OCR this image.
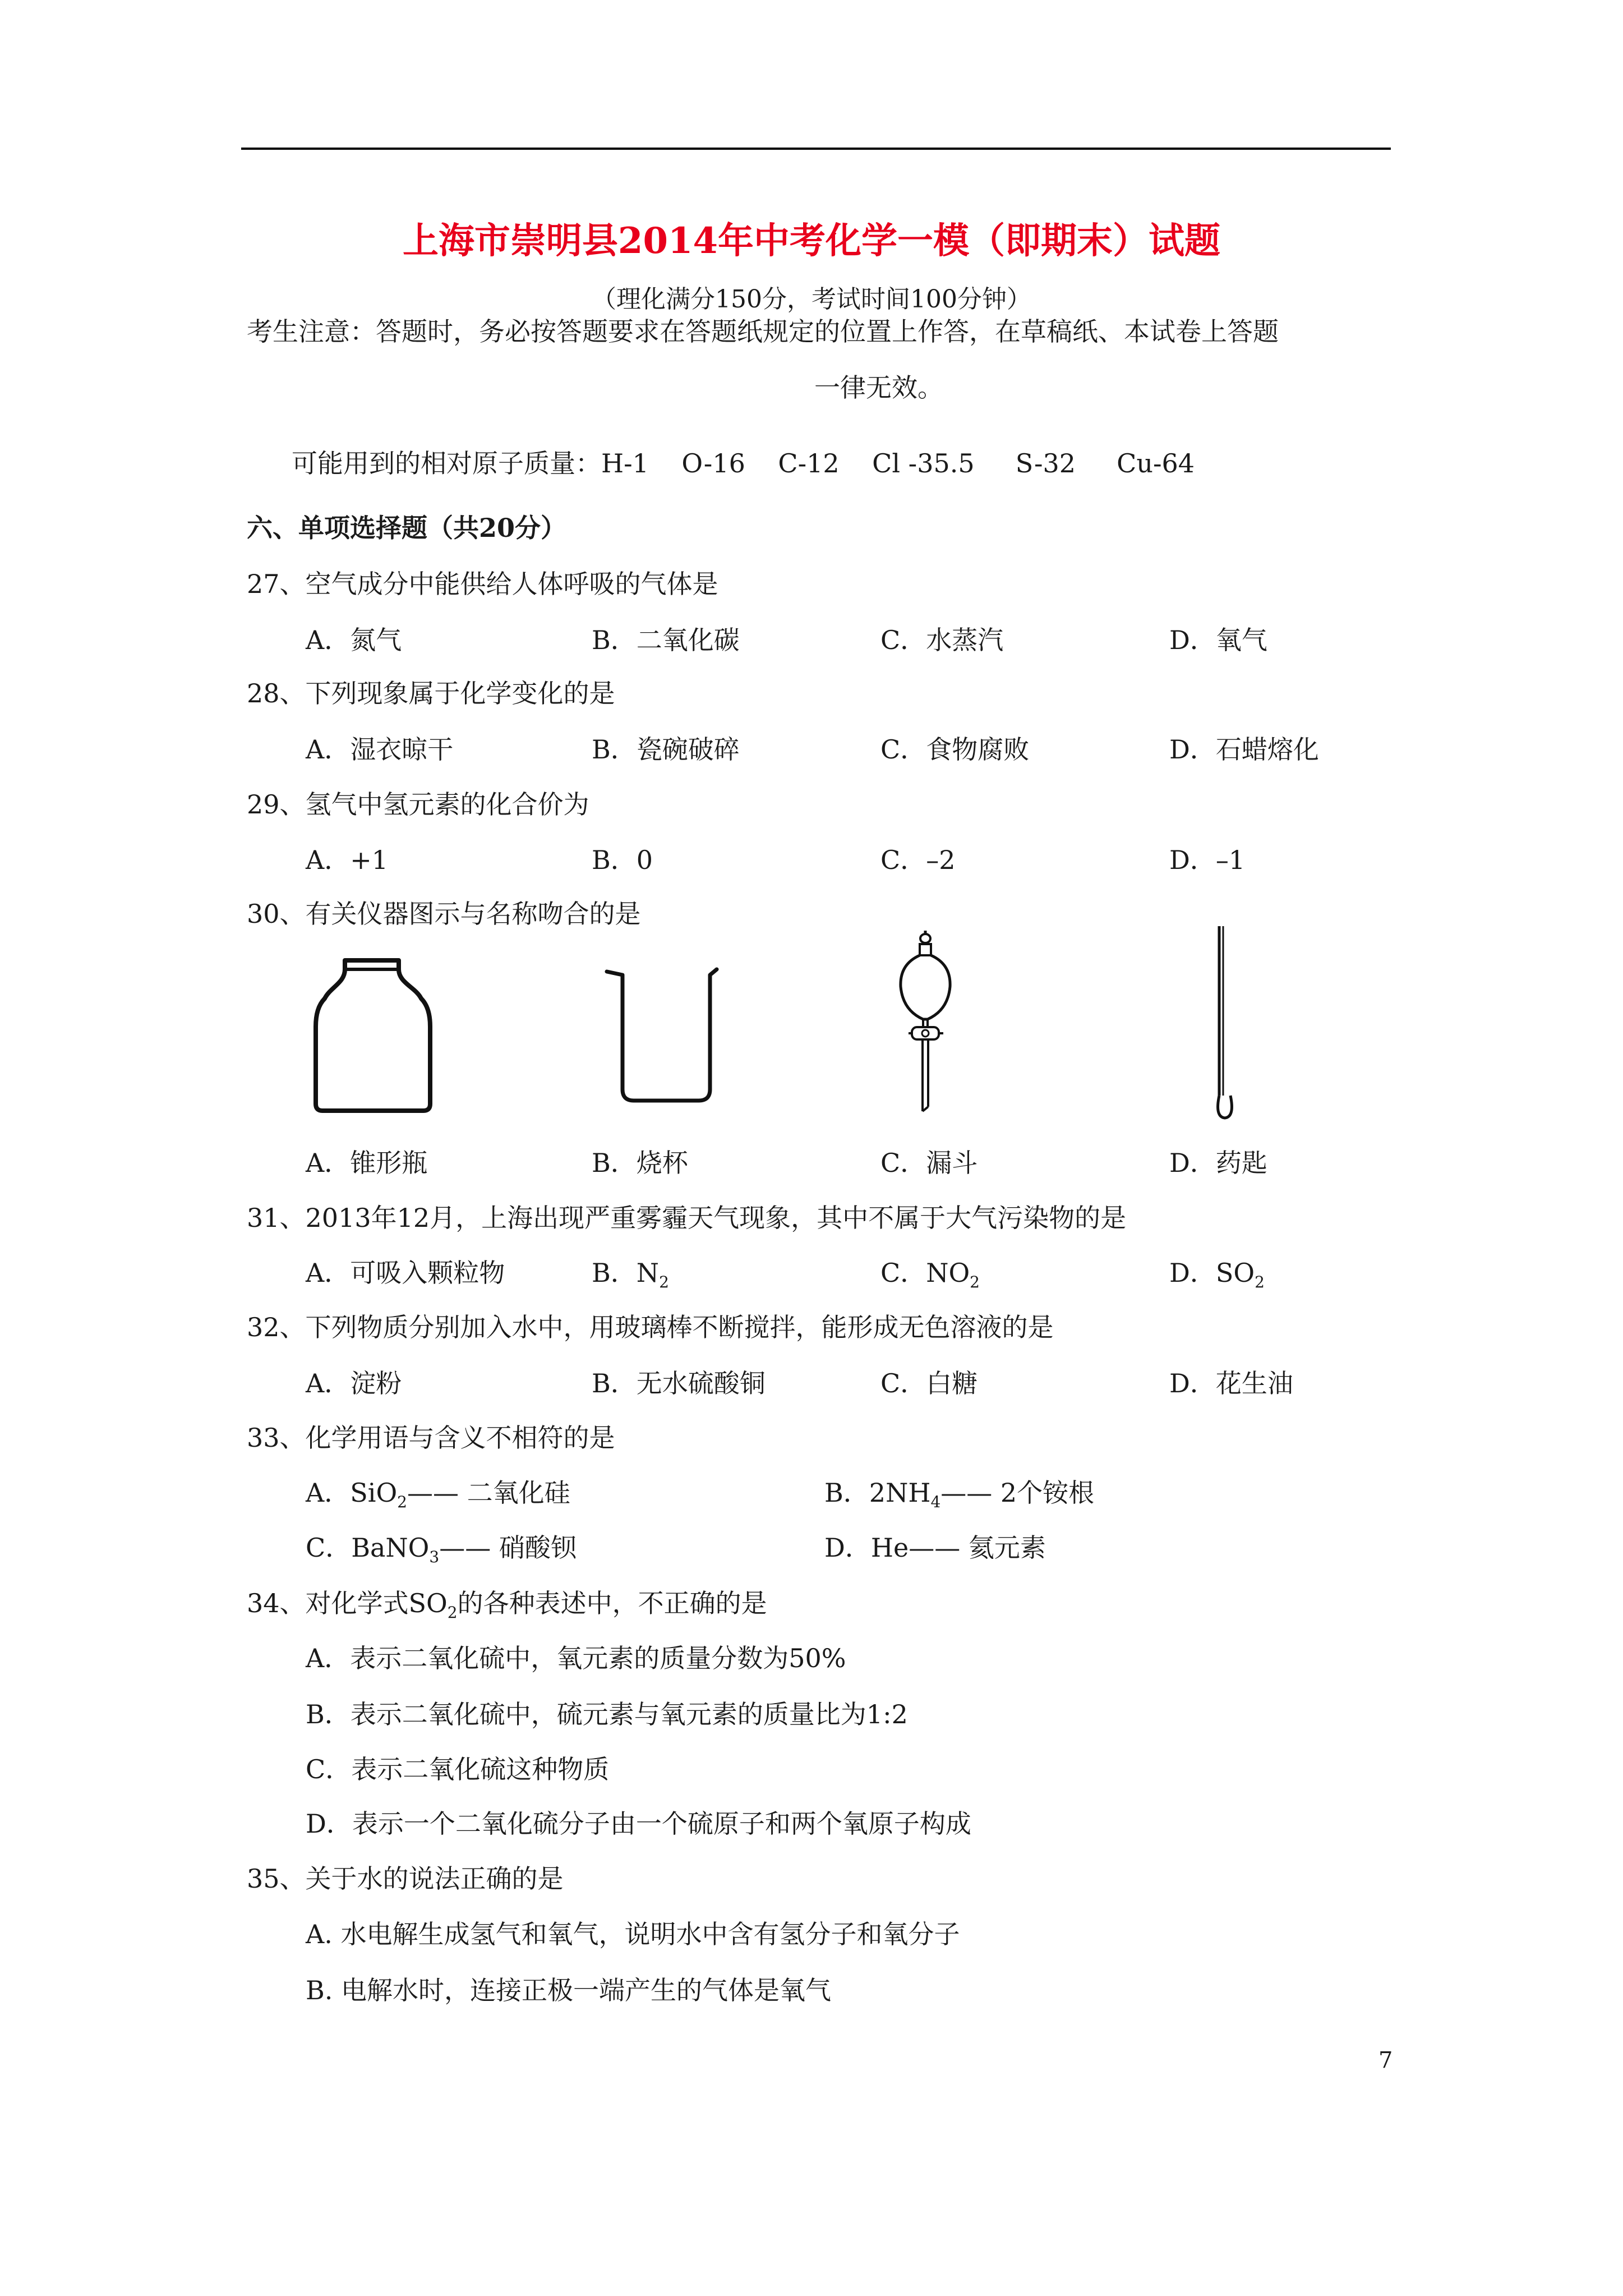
上海市崇明县2014年中考化学一模（即期末）试题
（理化满分150分，考试时间100分钟）
考生注意：答题时，务必按答题要求在答题纸规定的位置上作答，在草稿纸、本试卷上答题
一律无效。
可能用到的相对原子质量：H-1    O-16    C-12    Cl -35.5     S-32     Cu-64
六、单项选择题（共20分）
27、空气成分中能供给人体呼吸的气体是
A．氮气	B．二氧化碳	C．水蒸汽	D．氧气
28、下列现象属于化学变化的是
A．湿衣晾干	B．瓷碗破碎	C．食物腐败	D．石蜡熔化
29、氢气中氢元素的化合价为
A．+1	B．0	C．–2	D．–1
30、有关仪器图示与名称吻合的是
A．锥形瓶	B．烧杯	C．漏斗	D．药匙
31、2013年12月，上海出现严重雾霾天气现象，其中不属于大气污染物的是
A．可吸入颗粒物	B．$N_2$	C．$NO_2$	D．$SO_2$
32、下列物质分别加入水中，用玻璃棒不断搅拌，能形成无色溶液的是
A．淀粉	B．无水硫酸铜	C．白糖	D．花生油
33、化学用语与含义不相符的是
A．SiO$_2$—— 二氧化硅	B．$2NH_4——$ 2个铵根
C．BaNO$_3$—— 硝酸钡	D．He—— 氦元素
34、对化学式$SO_2$的各种表述中，不正确的是
A．表示二氧化硫中，氧元素的质量分数为50%
B．表示二氧化硫中，硫元素与氧元素的质量比为1:2
C．表示二氧化硫这种物质
D．表示一个二氧化硫分子由一个硫原子和两个氧原子构成
35、关于水的说法正确的是
A. 水电解生成氢气和氧气，说明水中含有氢分子和氧分子
B. 电解水时，连接正极一端产生的气体是氧气
7
